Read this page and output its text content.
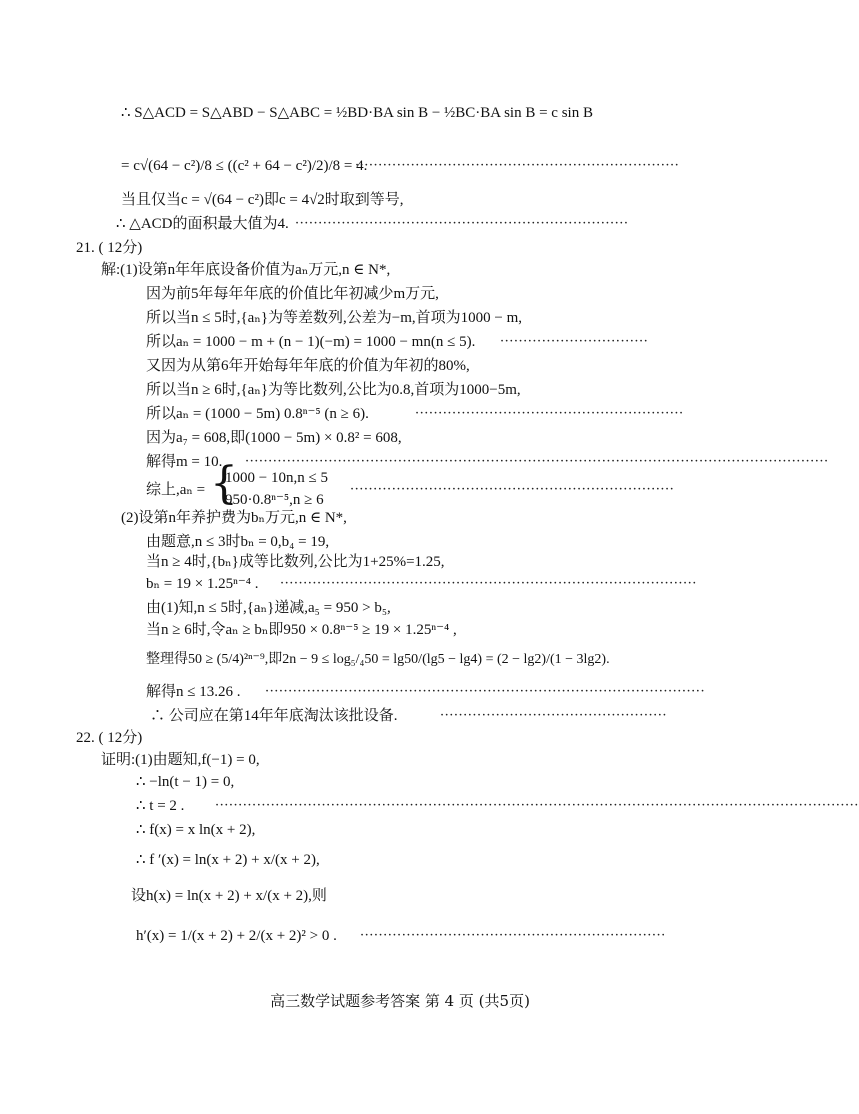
∴ S△ACD = S△ABD − S△ABC = ½BD·BA sin B − ½BC·BA sin B = c sin B
= c√(64 − c²)/8 ≤ ((c² + 64 − c²)/2)/8 = 4.
······································································
当且仅当c = √(64 − c²)即c = 4√2时取到等号,
∴ △ACD的面积最大值为4. ········································································
21. ( 12分)
解:(1)设第n年年底设备价值为aₙ万元,n ∈ N*,
因为前5年每年年底的价值比年初减少m万元,
所以当n ≤ 5时,{aₙ}为等差数列,公差为−m,首项为1000 − m,
所以aₙ = 1000 − m + (n − 1)(−m) = 1000 − mn(n ≤ 5). ································
又因为从第6年开始每年年底的价值为年初的80%,
所以当n ≥ 6时,{aₙ}为等比数列,公比为0.8,首项为1000−5m,
所以aₙ = (1000 − 5m) 0.8ⁿ⁻⁵ (n ≥ 6).	··························································
因为a₇ = 608,即(1000 − 5m) × 0.8² = 608,
解得m = 10. ······························································································································
综上,aₙ = {
1000 − 10n,n ≤ 5
950·0.8ⁿ⁻⁵,n ≥ 6
······································································
(2)设第n年养护费为bₙ万元,n ∈ N*,
由题意,n ≤ 3时bₙ = 0,b₄ = 19,
当n ≥ 4时,{bₙ}成等比数列,公比为1+25%=1.25,
bₙ = 19 × 1.25ⁿ⁻⁴ . ··························································································
由(1)知,n ≤ 5时,{aₙ}递减,a₅ = 950 > b₅,
当n ≥ 6时,令aₙ ≥ bₙ即950 × 0.8ⁿ⁻⁵ ≥ 19 × 1.25ⁿ⁻⁴ ,
整理得50 ≥ (5/4)²ⁿ⁻⁹,即2n − 9 ≤ log₅/₄50 = lg50/(lg5 − lg4) = (2 − lg2)/(1 − 3lg2).
解得n ≤ 13.26 . ·······························································································
∴ 公司应在第14年年底淘汰该批设备.	·················································
22. ( 12分)
证明:(1)由题知,f(−1) = 0,
∴ −ln(t − 1) = 0,
∴ t = 2 . ···········································································································································
∴ f(x) = x ln(x + 2),
∴ f ′(x) = ln(x + 2) + x/(x + 2),
设h(x) = ln(x + 2) + x/(x + 2),则
h′(x) = 1/(x + 2) + 2/(x + 2)² > 0 . ··································································
高三数学试题参考答案 第 4 页 (共5页)
